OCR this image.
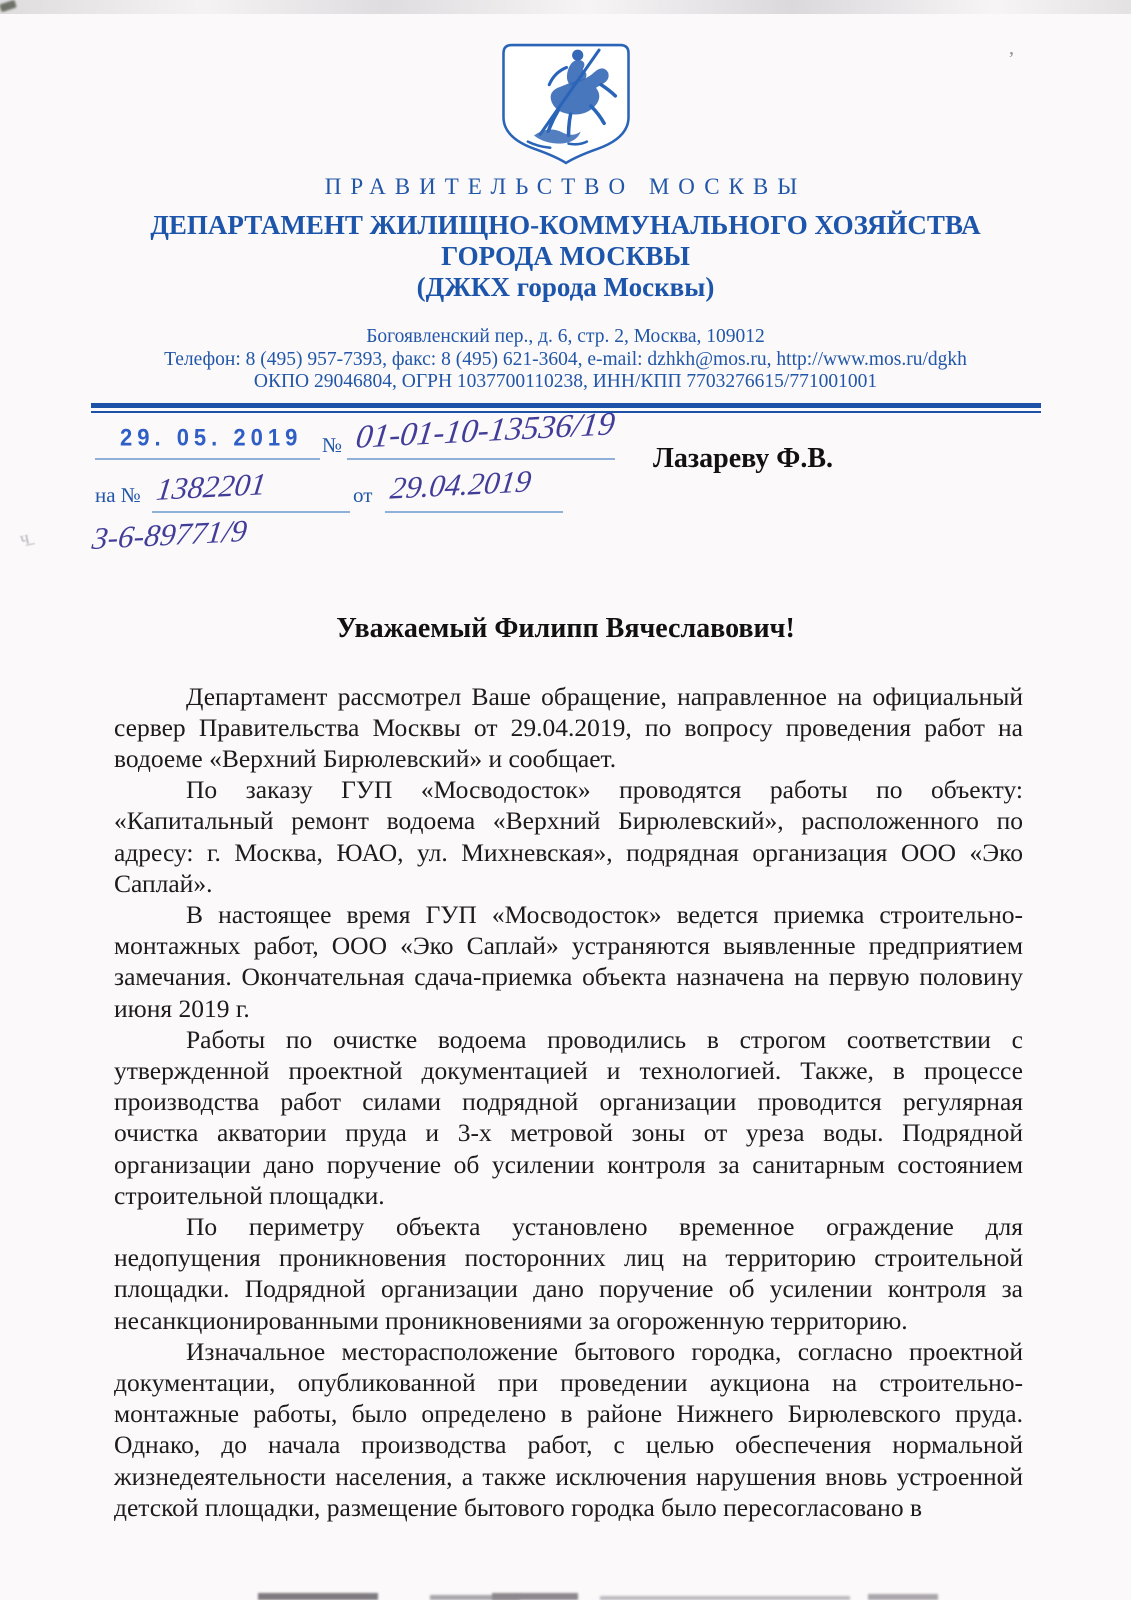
’
ч̲
ПРАВИТЕЛЬСТВО МОСКВЫ
ДЕПАРТАМЕНТ ЖИЛИЩНО-КОММУНАЛЬНОГО ХОЗЯЙСТВА
ГОРОДА МОСКВЫ
(ДЖКХ города Москвы)
Богоявленский пер., д. 6, стр. 2, Москва, 109012
Телефон: 8 (495) 957-7393, факс: 8 (495) 621-3604, e-mail: dzhkh@mos.ru, http://www.mos.ru/dgkh
ОКПО 29046804, ОГРН 1037700110238, ИНН/КПП 7703276615/771001001
29. 05. 2019 № 01-01-10-13536/19
Лазареву Ф.В.
на № 1382201	от 29.04.2019
3-6-89771/9
Уважаемый Филипп Вячеславович!

Департамент рассмотрел Ваше обращение, направленное на официальный сервер Правительства Москвы от 29.04.2019, по вопросу проведения работ на водоеме «Верхний Бирюлевский» и сообщает.

По заказу ГУП «Мосводосток» проводятся работы по объекту: «Капитальный ремонт водоема «Верхний Бирюлевский», расположенного по адресу: г. Москва, ЮАО, ул. Михневская», подрядная организация ООО «Эко Саплай».

В настоящее время ГУП «Мосводосток» ведется приемка строительно-монтажных работ, ООО «Эко Саплай» устраняются выявленные предприятием замечания. Окончательная сдача-приемка объекта назначена на первую половину июня 2019 г.

Работы по очистке водоема проводились в строгом соответствии с утвержденной проектной документацией и технологией. Также, в процессе производства работ силами подрядной организации проводится регулярная очистка акватории пруда и 3-х метровой зоны от уреза воды. Подрядной организации дано поручение об усилении контроля за санитарным состоянием строительной площадки.

По периметру объекта установлено временное ограждение для недопущения проникновения посторонних лиц на территорию строительной площадки. Подрядной организации дано поручение об усилении контроля за несанкционированными проникновениями за огороженную территорию.

Изначальное месторасположение бытового городка, согласно проектной документации, опубликованной при проведении аукциона на строительно-монтажные работы, было определено в районе Нижнего Бирюлевского пруда. Однако, до начала производства работ, с целью обеспечения нормальной жизнедеятельности населения, а также исключения нарушения вновь устроенной детской площадки, размещение бытового городка было пересогласовано в
